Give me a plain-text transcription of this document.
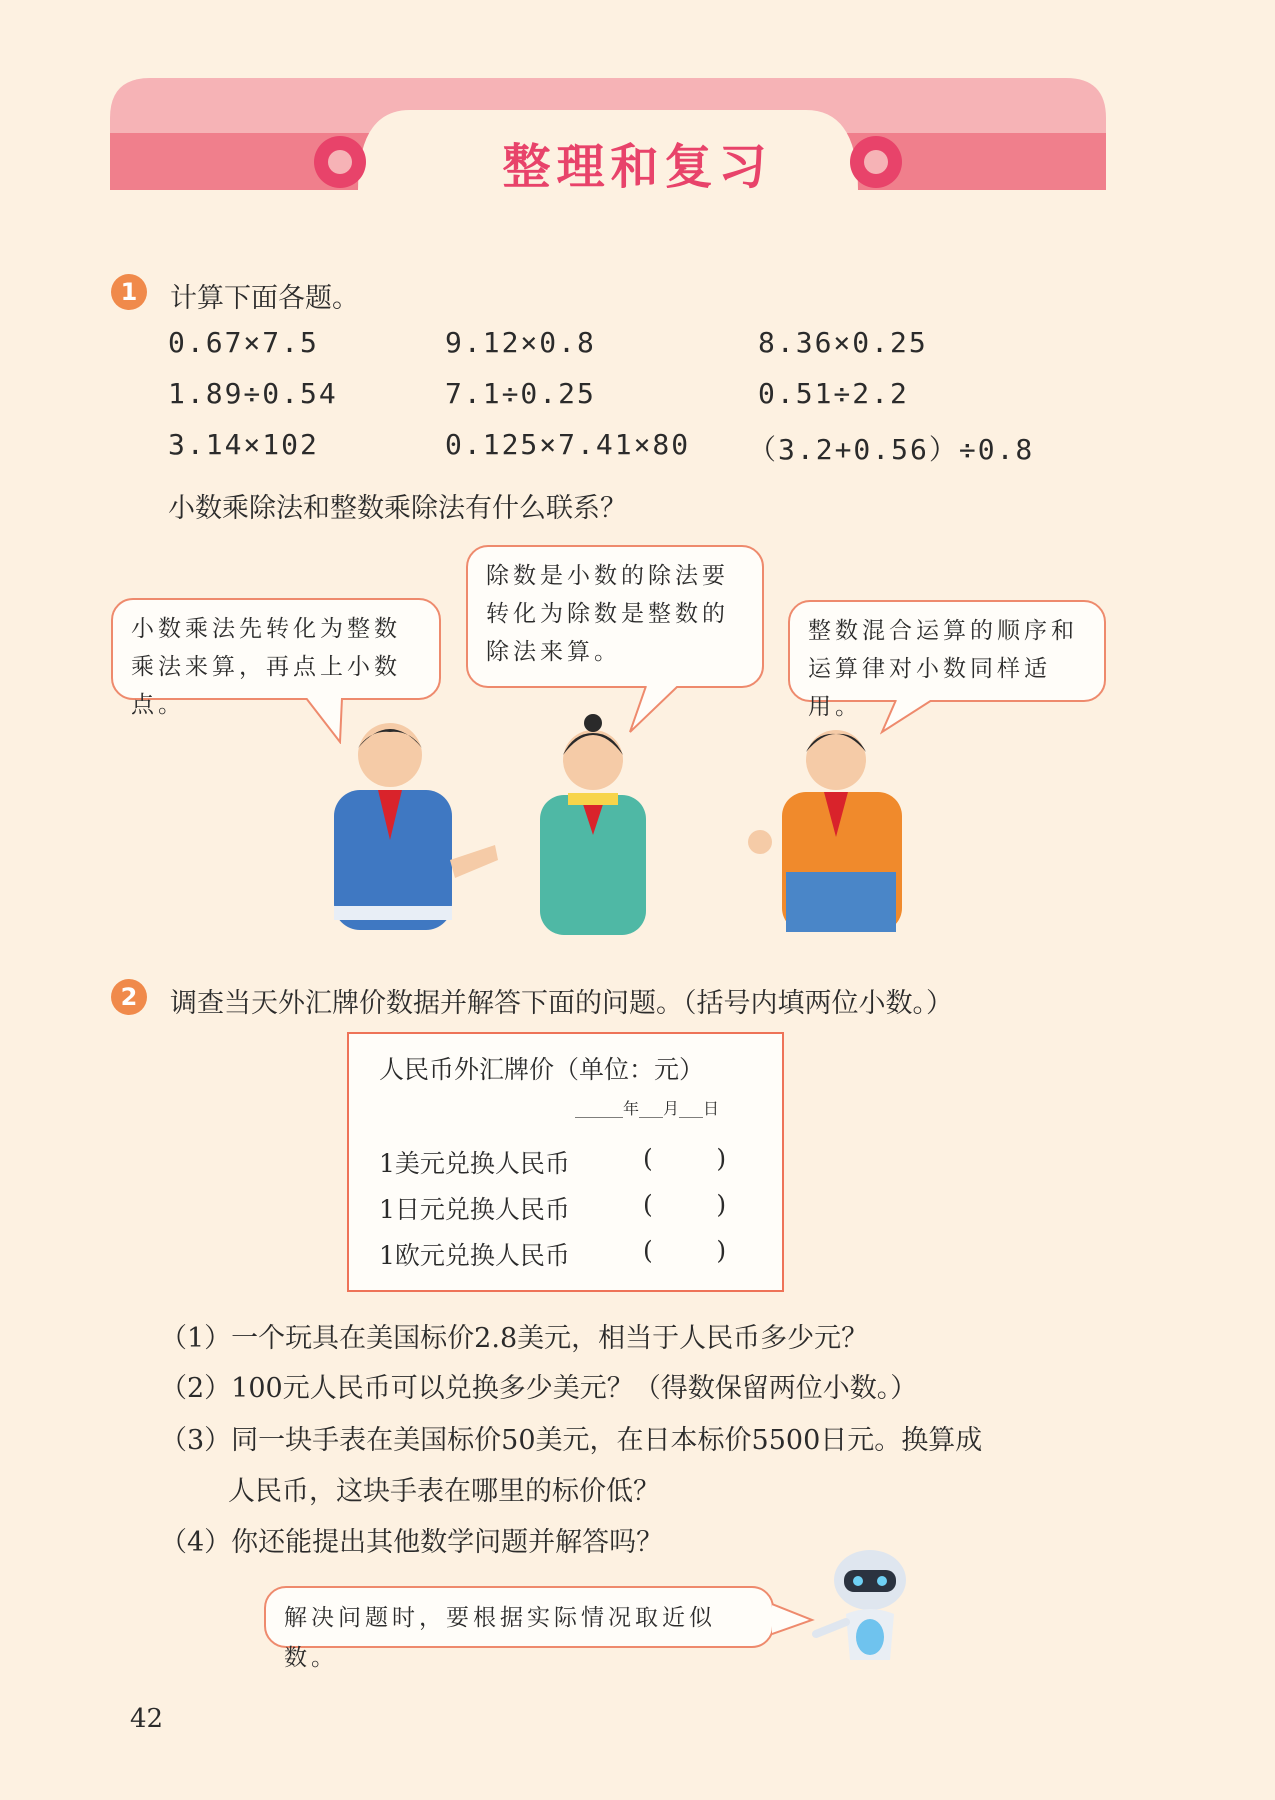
整理和复习
1	计算下面各题。
0.67×7.5	9.12×0.8	8.36×0.25
1.89÷0.54	7.1÷0.25	0.51÷2.2
3.14×102	0.125×7.41×80 （3.2+0.56）÷0.8
小数乘除法和整数乘除法有什么联系？
小数乘法先转化为整数乘法来算，再点上小数点。
除数是小数的除法要转化为除数是整数的除法来算。
整数混合运算的顺序和运算律对小数同样适用。
2	调查当天外汇牌价数据并解答下面的问题。（括号内填两位小数。）
人民币外汇牌价（单位：元）
______年___月___日
1美元兑换人民币	(        )
1日元兑换人民币	(        )
1欧元兑换人民币	(        )
（1）一个玩具在美国标价2.8美元，相当于人民币多少元？
（2）100元人民币可以兑换多少美元？（得数保留两位小数。）
（3）同一块手表在美国标价50美元，在日本标价5500日元。换算成
人民币，这块手表在哪里的标价低？
（4）你还能提出其他数学问题并解答吗？
解决问题时，要根据实际情况取近似数。
42
